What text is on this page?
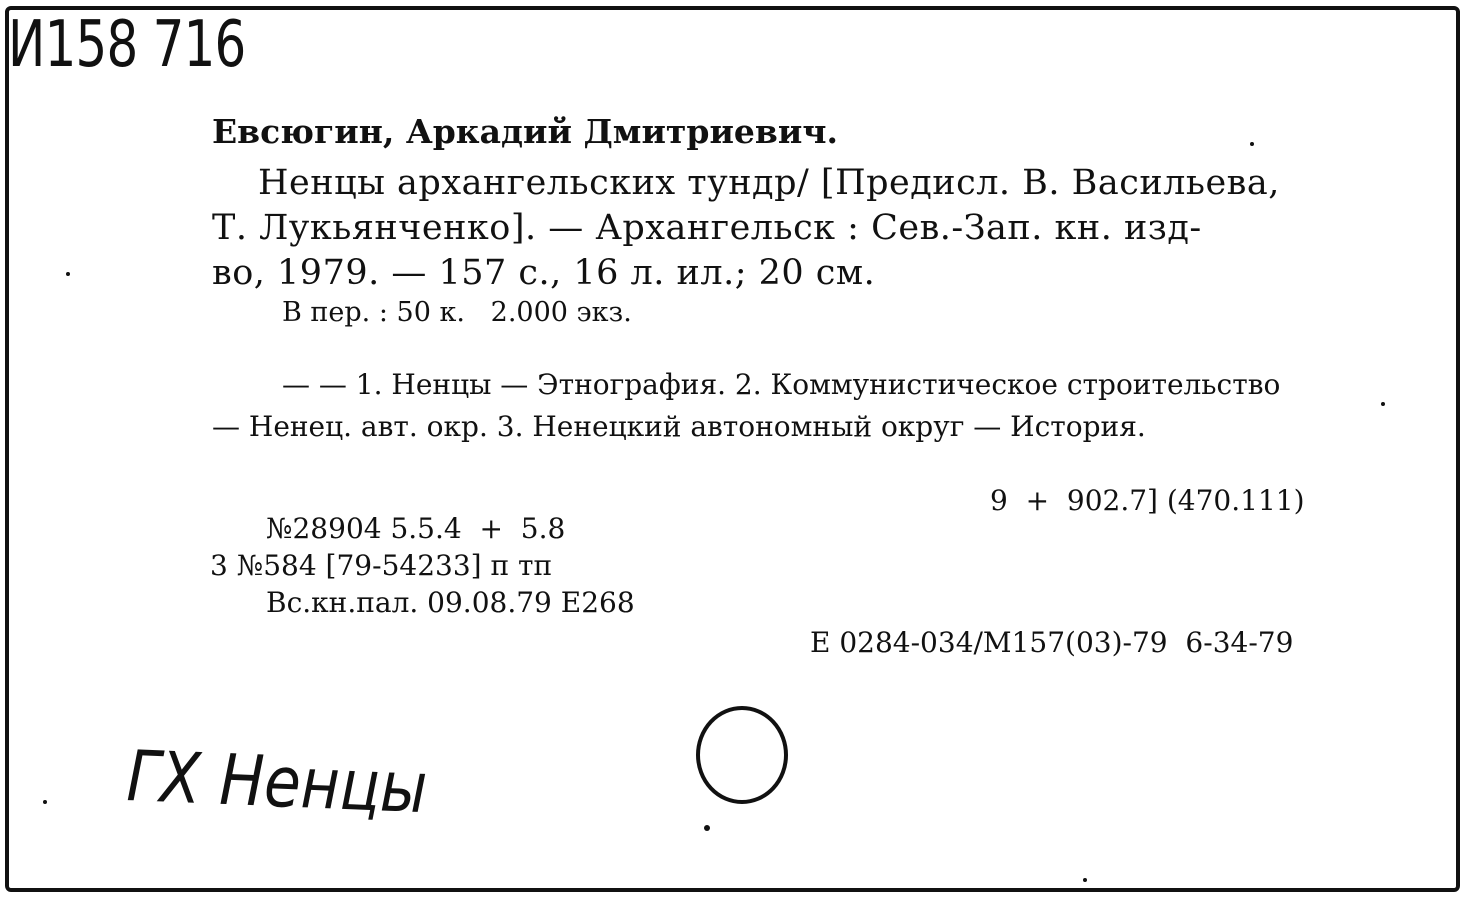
И158 716
Евсюгин, Аркадий Дмитриевич.
Ненцы архангельских тундр/ [Предисл. В. Васильева,
Т. Лукьянченко]. — Архангельск : Сев.-Зап. кн. изд-
во, 1979. — 157 с., 16 л. ил.; 20 см.
В пер. : 50 к.   2.000 экз.
— — 1. Ненцы — Этнография. 2. Коммунистическое строительство
— Ненец. авт. окр. 3. Ненецкий автономный округ — История.
9  +  902.7] (470.111)
№28904 5.5.4  +  5.8
3 №584 [79-54233] п тп
Вс.кн.пал. 09.08.79 Е268
Е 0284-034/М157(03)-79  6-34-79
ГХ Ненцы
